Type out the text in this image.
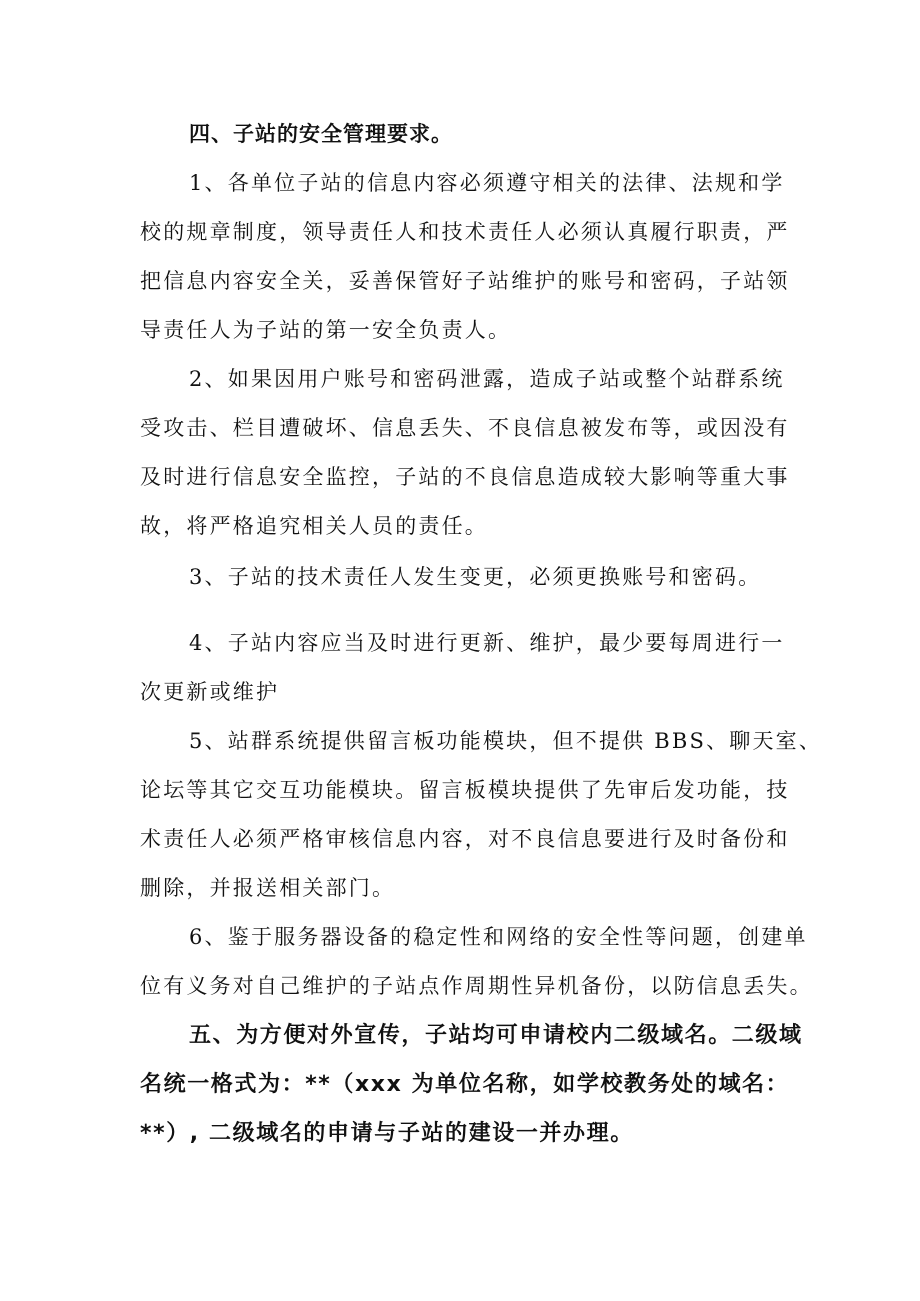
四、子站的安全管理要求。
1、各单位子站的信息内容必须遵守相关的法律、法规和学
校的规章制度，领导责任人和技术责任人必须认真履行职责，严
把信息内容安全关，妥善保管好子站维护的账号和密码，子站领
导责任人为子站的第一安全负责人。
2、如果因用户账号和密码泄露，造成子站或整个站群系统
受攻击、栏目遭破坏、信息丢失、不良信息被发布等，或因没有
及时进行信息安全监控，子站的不良信息造成较大影响等重大事
故，将严格追究相关人员的责任。
3、子站的技术责任人发生变更，必须更换账号和密码。
4、子站内容应当及时进行更新、维护，最少要每周进行一
次更新或维护
5、站群系统提供留言板功能模块，但不提供 BBS、聊天室、
论坛等其它交互功能模块。留言板模块提供了先审后发功能，技
术责任人必须严格审核信息内容，对不良信息要进行及时备份和
删除，并报送相关部门。
6、鉴于服务器设备的稳定性和网络的安全性等问题，创建单
位有义务对自己维护的子站点作周期性异机备份，以防信息丢失。
五、为方便对外宣传，子站均可申请校内二级域名。二级域
名统一格式为：**（xxx 为单位名称，如学校教务处的域名：
**）, 二级域名的申请与子站的建设一并办理。
